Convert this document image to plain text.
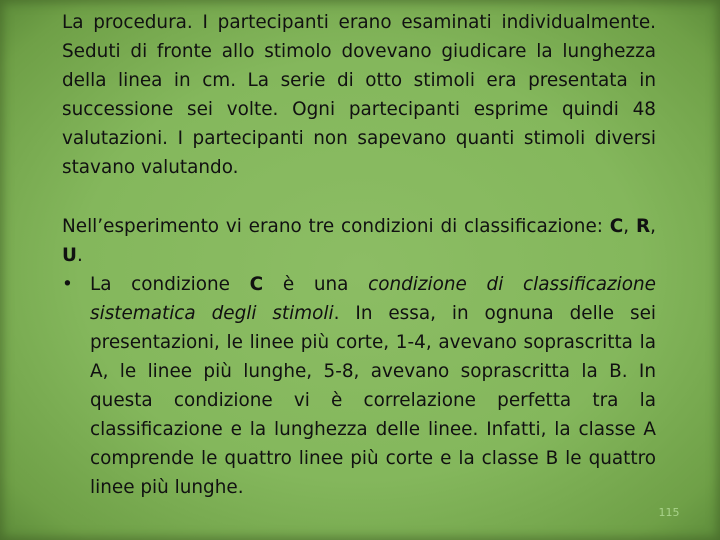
La procedura. I partecipanti erano esaminati individualmente. Seduti di fronte allo stimolo dovevano giudicare la lunghezza della linea in cm. La serie di otto stimoli era presentata in successione sei volte. Ogni partecipanti esprime quindi 48 valutazioni. I partecipanti non sapevano quanti stimoli diversi stavano valutando.

Nell’esperimento vi erano tre condizioni di classificazione: C, R, U.

• La condizione C è una condizione di classificazione sistematica degli stimoli. In essa, in ognuna delle sei presentazioni, le linee più corte, 1-4, avevano soprascritta la A, le linee più lunghe, 5-8, avevano soprascritta la B. In questa condizione vi è correlazione perfetta tra la classificazione e la lunghezza delle linee. Infatti, la classe A comprende le quattro linee più corte e la classe B le quattro linee più lunghe.
115
